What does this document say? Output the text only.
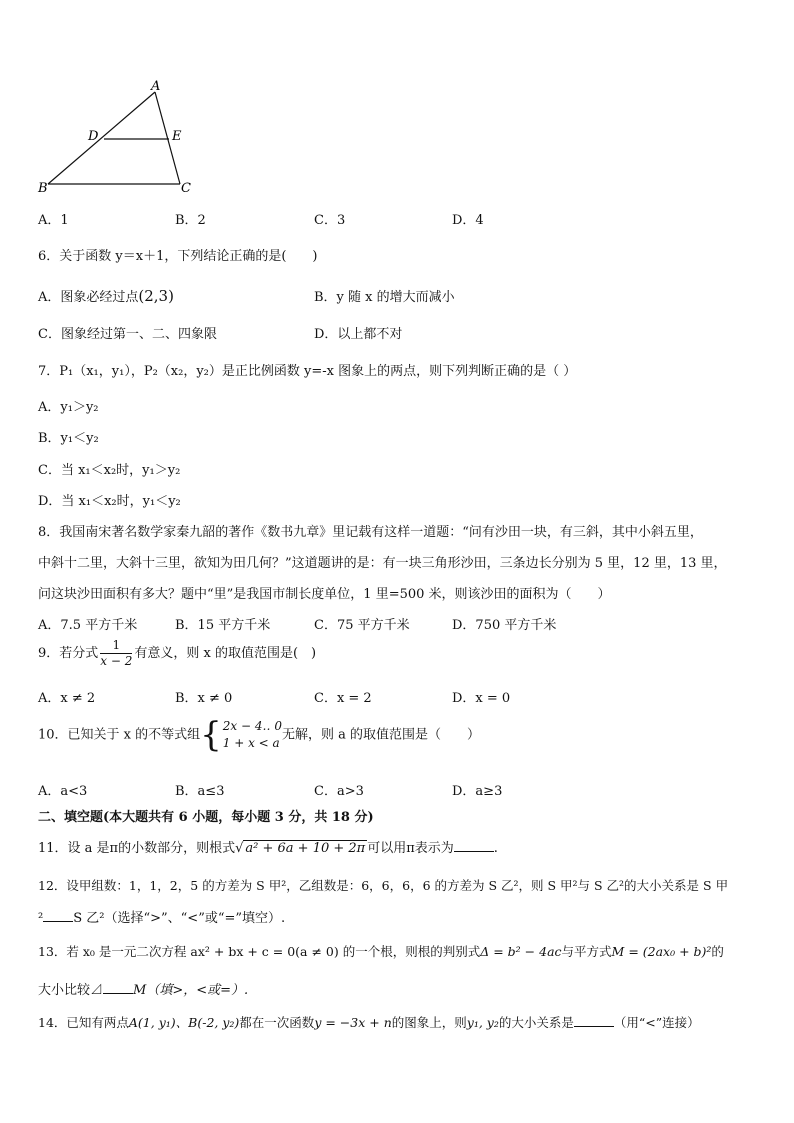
A
D	E
B	C
A．1	B．2	C．3	D．4
6．关于函数 y＝x＋1，下列结论正确的是(　　)
A．图象必经过点(2,3)	B．y 随 x 的增大而减小
C．图象经过第一、二、四象限	D．以上都不对
7．P₁（x₁，y₁），P₂（x₂，y₂）是正比例函数 y=-x 图象上的两点，则下列判断正确的是（ ）
A．y₁＞y₂
B．y₁＜y₂
C．当 x₁＜x₂时，y₁＞y₂
D．当 x₁＜x₂时，y₁＜y₂
8．我国南宋著名数学家秦九韶的著作《数书九章》里记载有这样一道题：“问有沙田一块，有三斜，其中小斜五里，
中斜十二里，大斜十三里，欲知为田几何？”这道题讲的是：有一块三角形沙田，三条边长分别为 5 里，12 里，13 里，
问这块沙田面积有多大？题中“里”是我国市制长度单位，1 里=500 米，则该沙田的面积为（　　）
A．7.5 平方千米	B．15 平方千米	C．75 平方千米	D．750 平方千米
9．若分式 $\frac{1}{x - 2}$ 有意义，则 x 的取值范围是(　)
A．x ≠ 2	B．x ≠ 0	C．x = 2	D．x = 0
10．已知关于 x 的不等式组{ 2x − 4‥ 0
1 + x < a
无解，则 a 的取值范围是（　　）
A．a<3	B．a≤3	C．a>3	D．a≥3
二、填空题(本大题共有 6 小题，每小题 3 分，共 18 分)
11．设 a 是π的小数部分，则根式√ a² + 6a + 10 + 2π 可以用π表示为	.
12．设甲组数：1，1，2，5 的方差为 S 甲²，乙组数是：6，6，6，6 的方差为 S 乙²，则 S 甲²与 S 乙²的大小关系是 S 甲
² S 乙²（选择“>”、“<”或“=”填空）.
13．若 x₀ 是一元二次方程 ax² + bx + c = 0(a ≠ 0) 的一个根，则根的判别式Δ = b² − 4ac与平方式M = (2ax₀ + b)²的
大小比较⊿ M（填>，<或=）.
14．已知有两点A(1, y₁)、B(-2, y₂)都在一次函数y = −3x + n的图象上，则y₁, y₂的大小关系是	（用“<”连接）
